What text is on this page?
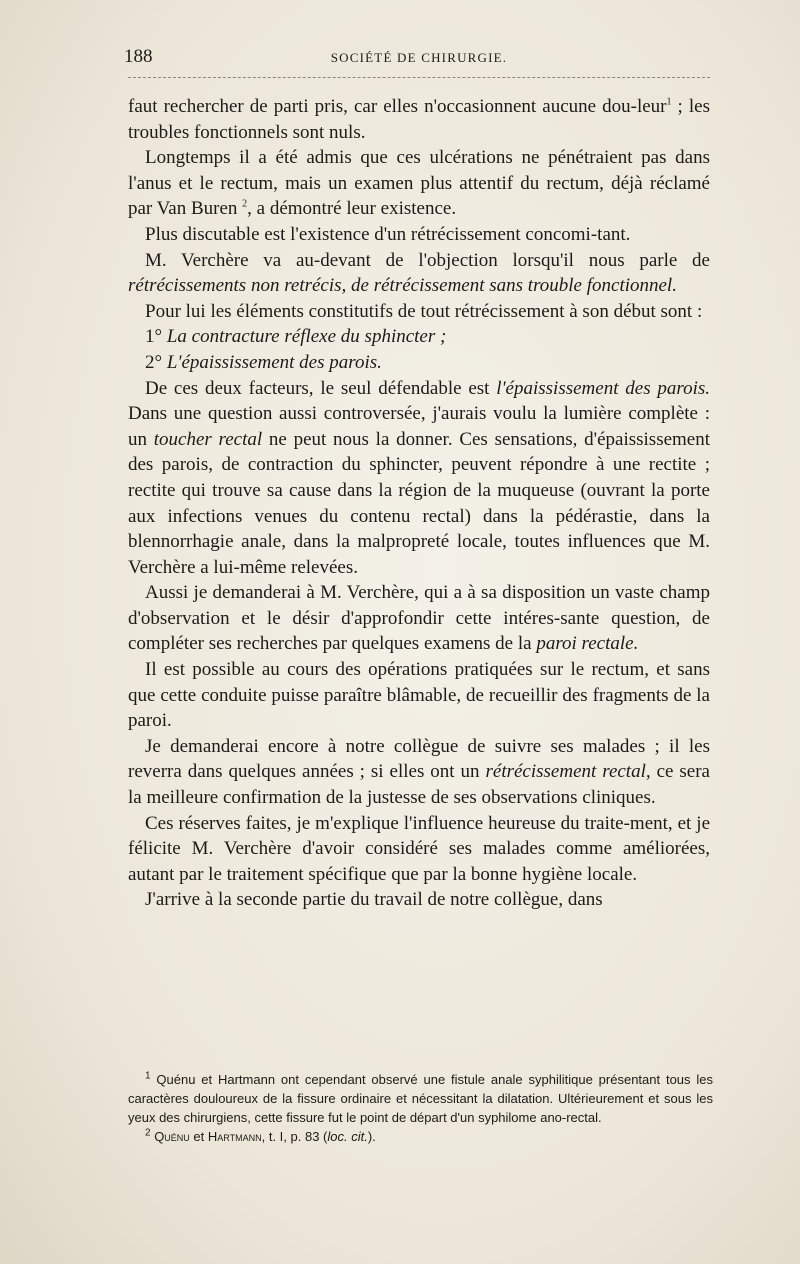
188	SOCIÉTÉ DE CHIRURGIE.

faut rechercher de parti pris, car elles n'occasionnent aucune dou-leur$^1$ ; les troubles fonctionnels sont nuls.

Longtemps il a été admis que ces ulcérations ne pénétraient pas dans l'anus et le rectum, mais un examen plus attentif du rectum, déjà réclamé par Van Buren $^2$, a démontré leur existence.

Plus discutable est l'existence d'un rétrécissement concomi-tant.

M. Verchère va au-devant de l'objection lorsqu'il nous parle de rétrécissements non retrécis, de rétrécissement sans trouble fonctionnel.

Pour lui les éléments constitutifs de tout rétrécissement à son début sont :

1° La contracture réflexe du sphincter ;

2° L'épaississement des parois.

De ces deux facteurs, le seul défendable est l'épaississement des parois. Dans une question aussi controversée, j'aurais voulu la lumière complète : un toucher rectal ne peut nous la donner. Ces sensations, d'épaississement des parois, de contraction du sphincter, peuvent répondre à une rectite ; rectite qui trouve sa cause dans la région de la muqueuse (ouvrant la porte aux infections venues du contenu rectal) dans la pédérastie, dans la blennorrhagie anale, dans la malpropreté locale, toutes influences que M. Verchère a lui-même relevées.

Aussi je demanderai à M. Verchère, qui a à sa disposition un vaste champ d'observation et le désir d'approfondir cette intéres-sante question, de compléter ses recherches par quelques examens de la paroi rectale.

Il est possible au cours des opérations pratiquées sur le rectum, et sans que cette conduite puisse paraître blâmable, de recueillir des fragments de la paroi.

Je demanderai encore à notre collègue de suivre ses malades ; il les reverra dans quelques années ; si elles ont un rétrécissement rectal, ce sera la meilleure confirmation de la justesse de ses observations cliniques.

Ces réserves faites, je m'explique l'influence heureuse du traite-ment, et je félicite M. Verchère d'avoir considéré ses malades comme améliorées, autant par le traitement spécifique que par la bonne hygiène locale.

J'arrive à la seconde partie du travail de notre collègue, dans

$^1$ Quénu et Hartmann ont cependant observé une fistule anale syphilitique présentant tous les caractères douloureux de la fissure ordinaire et nécessitant la dilatation. Ultérieurement et sous les yeux des chirurgiens, cette fissure fut le point de départ d'un syphilome ano-rectal.

$^2$ Quénu et Hartmann, t. I, p. 83 (loc. cit.).
